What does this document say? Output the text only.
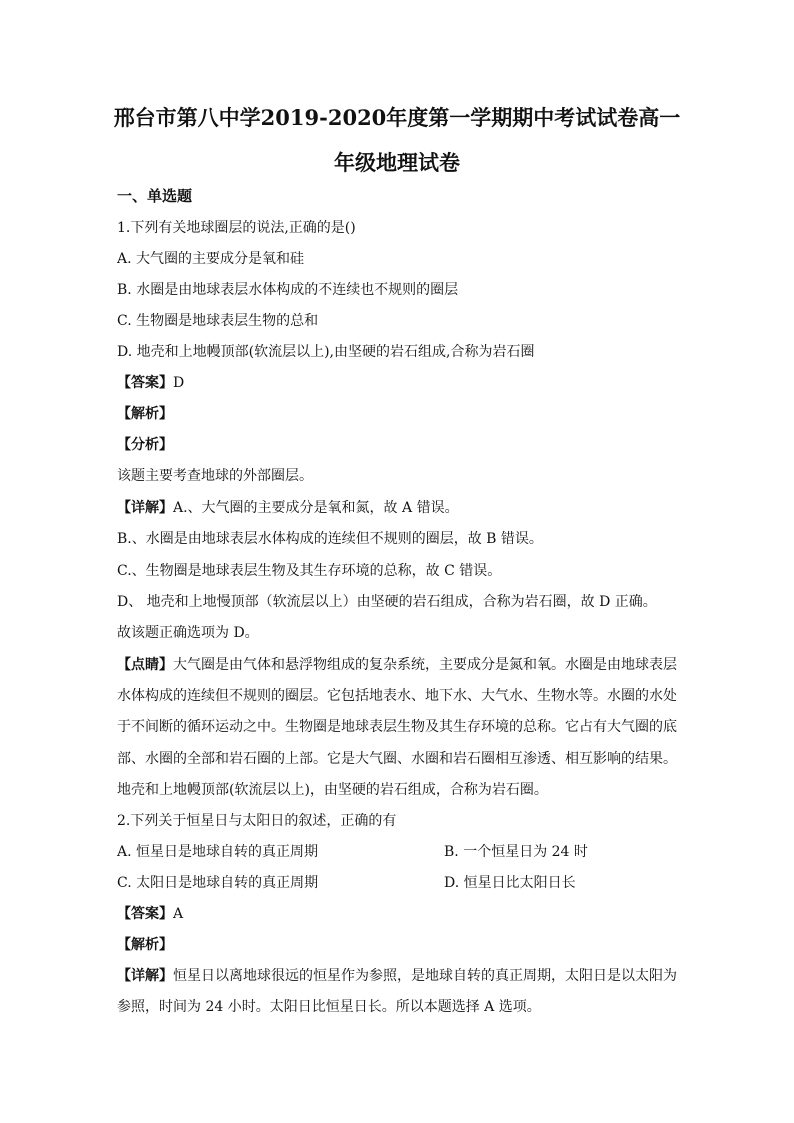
邢台市第八中学2019-2020年度第一学期期中考试试卷高一
年级地理试卷
一、单选题
1.下列有关地球圈层的说法,正确的是()
A. 大气圈的主要成分是氧和硅
B. 水圈是由地球表层水体构成的不连续也不规则的圈层
C. 生物圈是地球表层生物的总和
D. 地壳和上地幔顶部(软流层以上),由坚硬的岩石组成,合称为岩石圈
【答案】D
【解析】
【分析】
该题主要考查地球的外部圈层。
【详解】A.、大气圈的主要成分是氧和氮，故 A 错误。
B.、水圈是由地球表层水体构成的连续但不规则的圈层，故 B 错误。
C.、生物圈是地球表层生物及其生存环境的总称，故 C 错误。
D、 地壳和上地慢顶部（软流层以上）由坚硬的岩石组成，合称为岩石圈，故 D 正确。
故该题正确选项为 D。
【点睛】大气圈是由气体和悬浮物组成的复杂系统，主要成分是氮和氧。水圈是由地球表层
水体构成的连续但不规则的圈层。它包括地表水、地下水、大气水、生物水等。水圈的水处
于不间断的循环运动之中。生物圈是地球表层生物及其生存环境的总称。它占有大气圈的底
部、水圈的全部和岩石圈的上部。它是大气圈、水圈和岩石圈相互渗透、相互影响的结果。
地壳和上地幔顶部(软流层以上)，由坚硬的岩石组成，合称为岩石圈。
2.下列关于恒星日与太阳日的叙述，正确的有
A. 恒星日是地球自转的真正周期	B. 一个恒星日为 24 时
C. 太阳日是地球自转的真正周期	D. 恒星日比太阳日长
【答案】A
【解析】
【详解】恒星日以离地球很远的恒星作为参照，是地球自转的真正周期，太阳日是以太阳为
参照，时间为 24 小时。太阳日比恒星日长。所以本题选择 A 选项。
